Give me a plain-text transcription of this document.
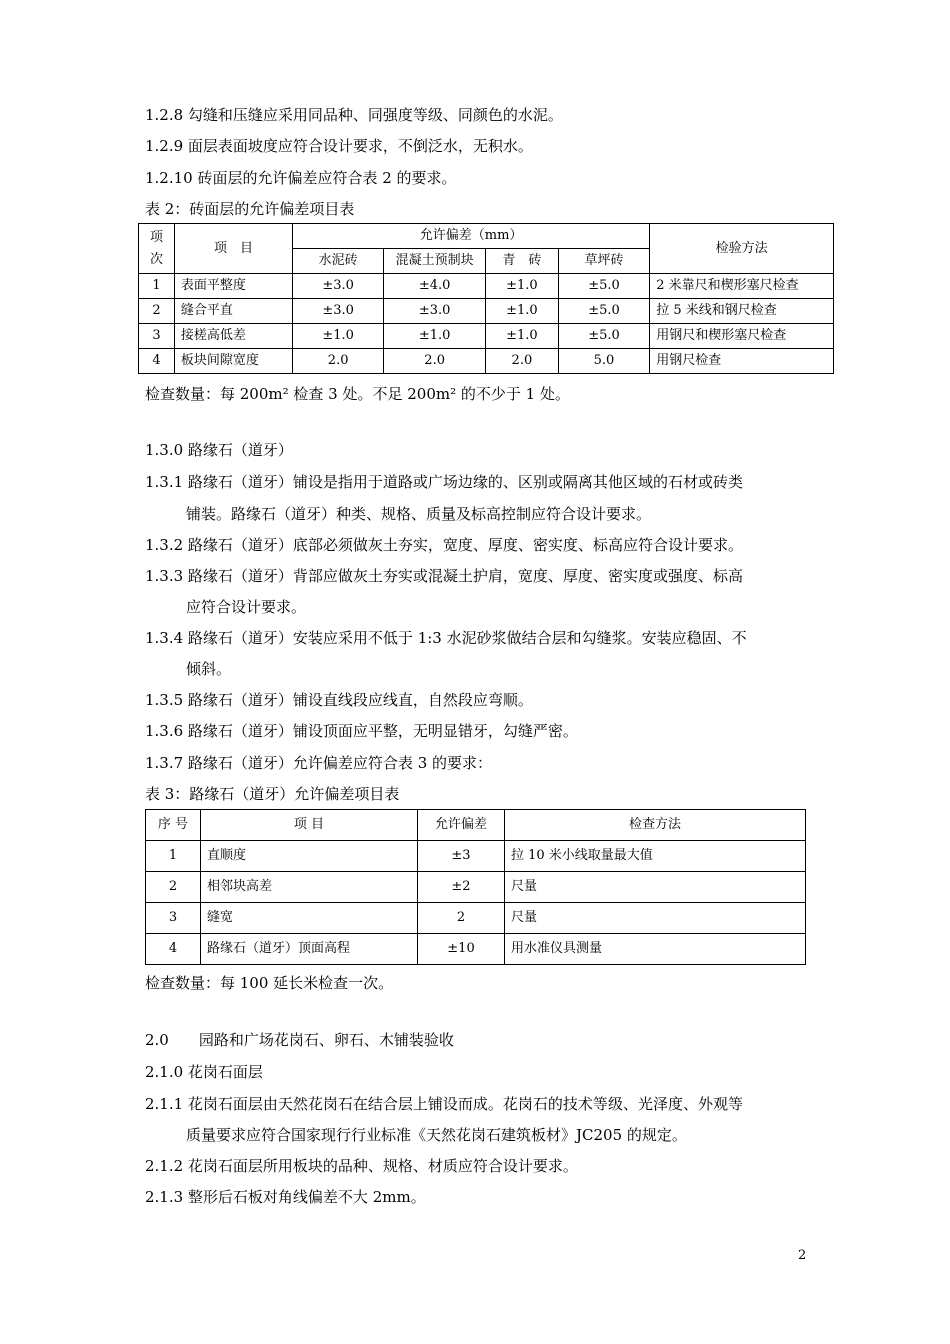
1.2.8 勾缝和压缝应采用同品种、同强度等级、同颜色的水泥。
1.2.9 面层表面坡度应符合设计要求，不倒泛水，无积水。
1.2.10 砖面层的允许偏差应符合表 2 的要求。
表 2：砖面层的允许偏差项目表
项
次	项　目	允许偏差（mm）				检验方法
		水泥砖	混凝土预制块	青　砖	草坪砖	
1	表面平整度	±3.0	±4.0	±1.0	±5.0	2 米靠尺和楔形塞尺检查
2	缝合平直	±3.0	±3.0	±1.0	±5.0	拉 5 米线和钢尺检查
3	接槎高低差	±1.0	±1.0	±1.0	±5.0	用钢尺和楔形塞尺检查
4	板块间隙宽度	2.0	2.0	2.0	5.0	用钢尺检查
检查数量：每 200m² 检查 3 处。不足 200m² 的不少于 1 处。
1.3.0 路缘石（道牙）
1.3.1 路缘石（道牙）铺设是指用于道路或广场边缘的、区别或隔离其他区域的石材或砖类
铺装。路缘石（道牙）种类、规格、质量及标高控制应符合设计要求。
1.3.2 路缘石（道牙）底部必须做灰土夯实，宽度、厚度、密实度、标高应符合设计要求。
1.3.3 路缘石（道牙）背部应做灰土夯实或混凝土护肩，宽度、厚度、密实度或强度、标高
应符合设计要求。
1.3.4 路缘石（道牙）安装应采用不低于 1:3 水泥砂浆做结合层和勾缝浆。安装应稳固、不
倾斜。
1.3.5 路缘石（道牙）铺设直线段应线直，自然段应弯顺。
1.3.6 路缘石（道牙）铺设顶面应平整，无明显错牙，勾缝严密。
1.3.7 路缘石（道牙）允许偏差应符合表 3 的要求：
表 3：路缘石（道牙）允许偏差项目表
序 号	项 目	允许偏差	检查方法
1	直顺度	±3	拉 10 米小线取量最大值
2	相邻块高差	±2	尺量
3	缝宽	2	尺量
4	路缘石（道牙）顶面高程	±10	用水准仪具测量
检查数量：每 100 延长米检查一次。
2.0　　园路和广场花岗石、卵石、木铺装验收
2.1.0 花岗石面层
2.1.1 花岗石面层由天然花岗石在结合层上铺设而成。花岗石的技术等级、光泽度、外观等
质量要求应符合国家现行行业标准《天然花岗石建筑板材》JC205 的规定。
2.1.2 花岗石面层所用板块的品种、规格、材质应符合设计要求。
2.1.3 整形后石板对角线偏差不大 2mm。
2
